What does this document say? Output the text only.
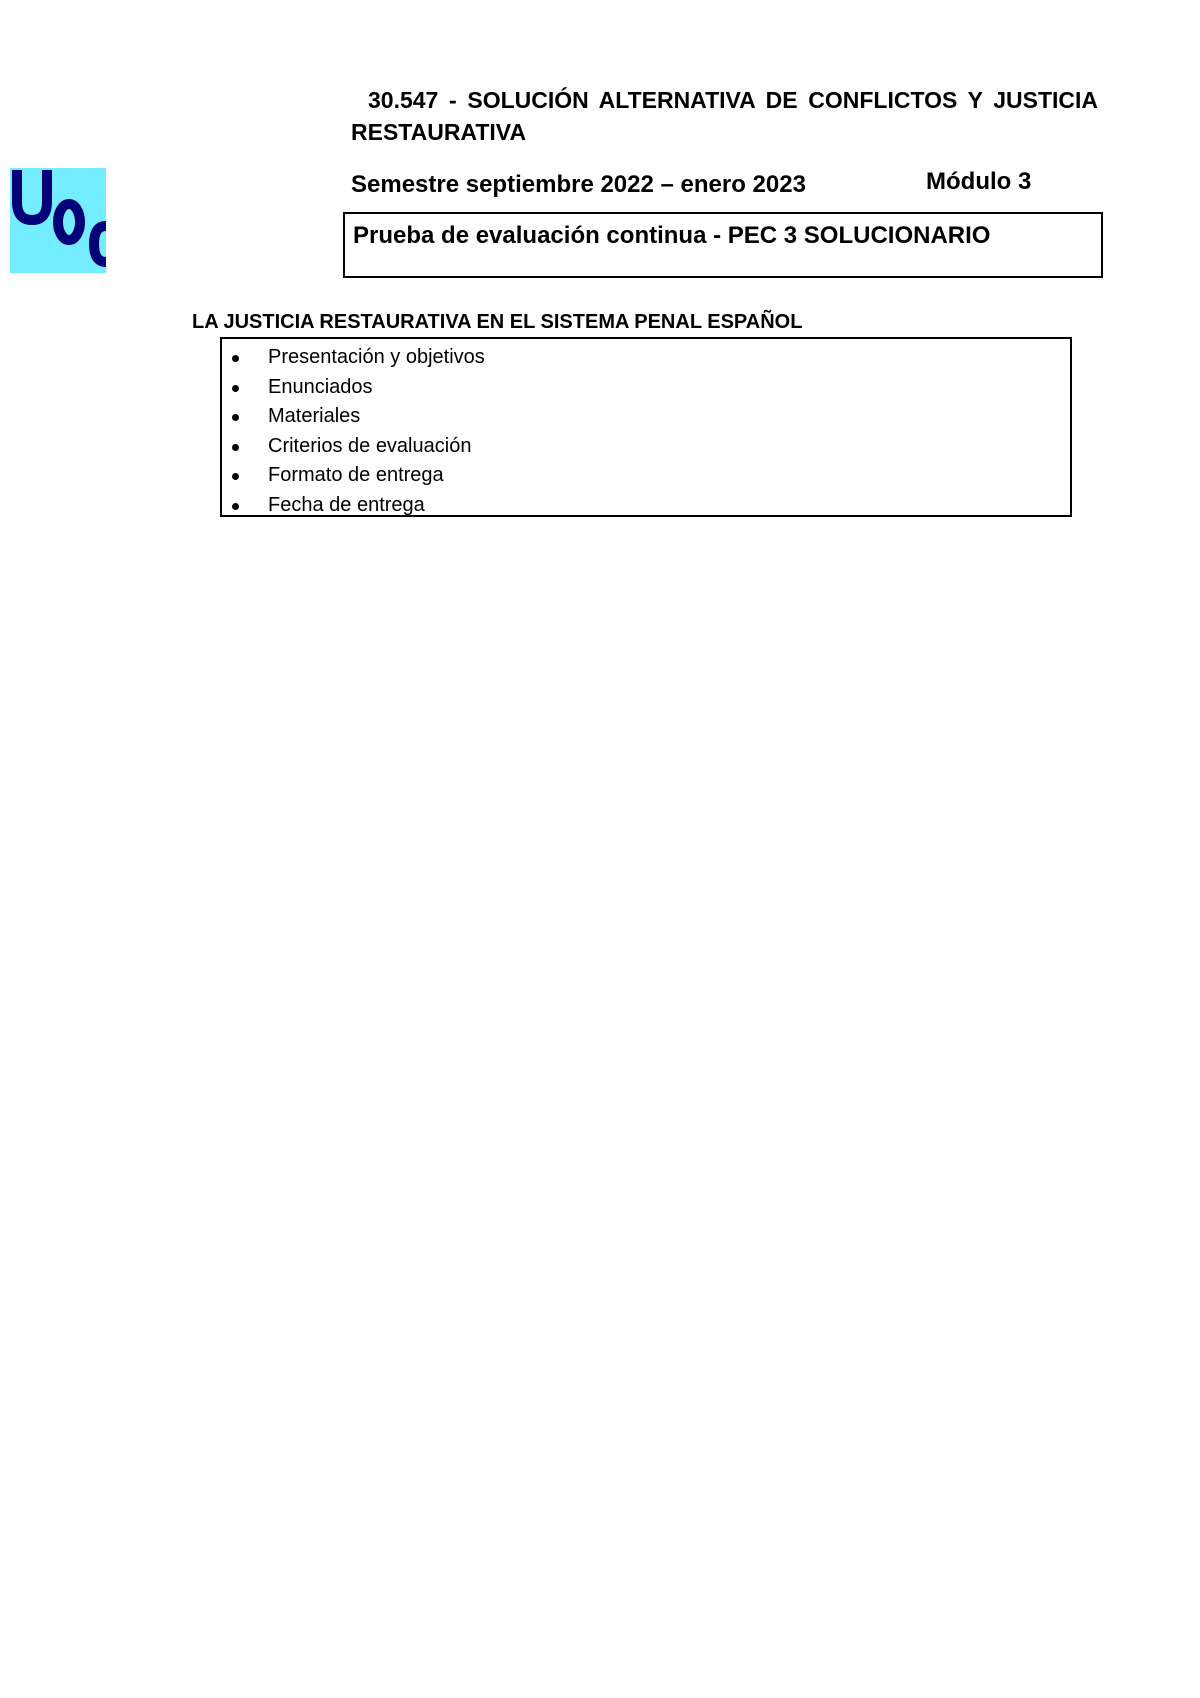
30.547 - SOLUCIÓN ALTERNATIVA DE CONFLICTOS Y JUSTICIA RESTAURATIVA

Semestre septiembre 2022 – enero 2023	Módulo 3

Prueba de evaluación continua - PEC 3 SOLUCIONARIO

LA JUSTICIA RESTAURATIVA EN EL SISTEMA PENAL ESPAÑOL

Presentación y objetivos
Enunciados
Materiales
Criterios de evaluación
Formato de entrega
Fecha de entrega
